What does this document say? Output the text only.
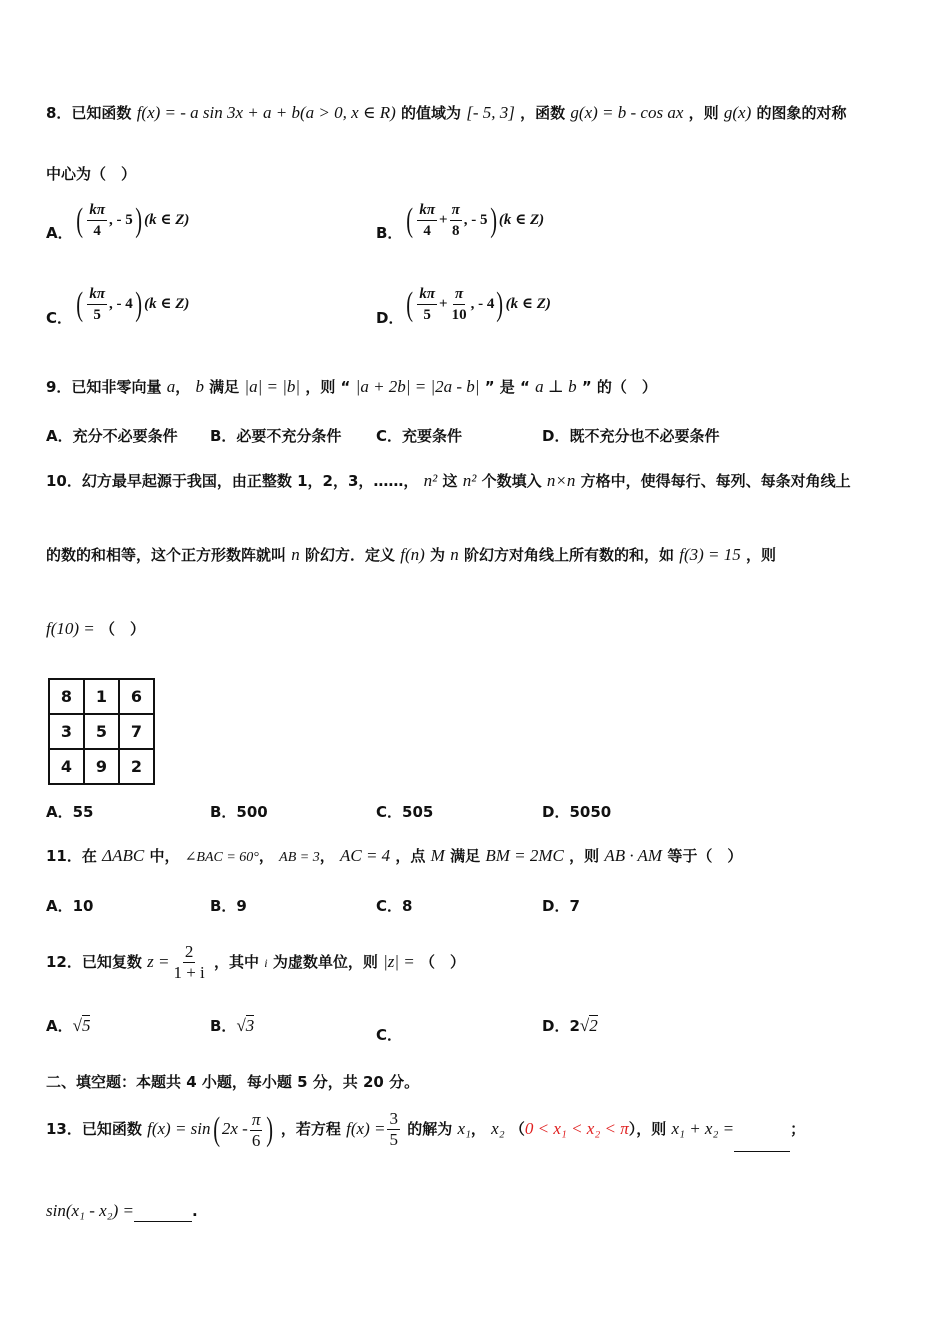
8．已知函数 f(x) = - a sin 3x + a + b(a > 0, x ∈ R) 的值域为 [- 5, 3] ，函数 g(x) = b - cos ax ，则 g(x) 的图象的对称
中心为（　）
A． ( $\frac{k\pi}{4}$ , - 5) (k ∈ Z)
B． ( $\frac{k\pi}{4} + \frac{\pi}{8}$ , - 5) (k ∈ Z)
C． ( $\frac{k\pi}{5}$ , - 4) (k ∈ Z)
D． ( $\frac{k\pi}{5} + \frac{\pi}{10}$ , - 4) (k ∈ Z)
9．已知非零向量 a， b 满足 |a| = |b| ，则 “ |a + 2b| = |2a - b| ” 是 “ a ⊥ b ” 的（　）
A．充分不必要条件 B．必要不充分条件 C．充要条件	D．既不充分也不必要条件
10．幻方最早起源于我国，由正整数 1，2，3，……， n² 这 n² 个数填入 n×n 方格中，使得每行、每列、每条对角线上
的数的和相等，这个正方形数阵就叫 n 阶幻方．定义 f(n) 为 n 阶幻方对角线上所有数的和，如 f(3) = 15 ，则
f(10) = （　）
8	1	6
3	5	7
4	9	2
A．55	B．500	C．505	D．5050
11．在 ΔABC 中， ∠BAC = 60°， AB = 3， AC = 4 ，点 M 满足 BM = 2MC ，则 AB · AM 等于（　）
A．10	B．9	C．8	D．7
12．已知复数 $z = \frac{2}{1 + i}$ ，其中 i 为虚数单位，则 |z| = （　）
A．√5	B．√3	C．	D．2√2
二、填空题：本题共 4 小题，每小题 5 分，共 20 分。
13．已知函数 f(x) = sin( $2x - \frac{\pi}{6}$ ) ，若方程 $f(x) = \frac{3}{5}$ 的解为 x₁， x₂ （0 < x₁ < x₂ < π），则 x₁ + x₂ =	；
sin(x₁ - x₂) =	.
